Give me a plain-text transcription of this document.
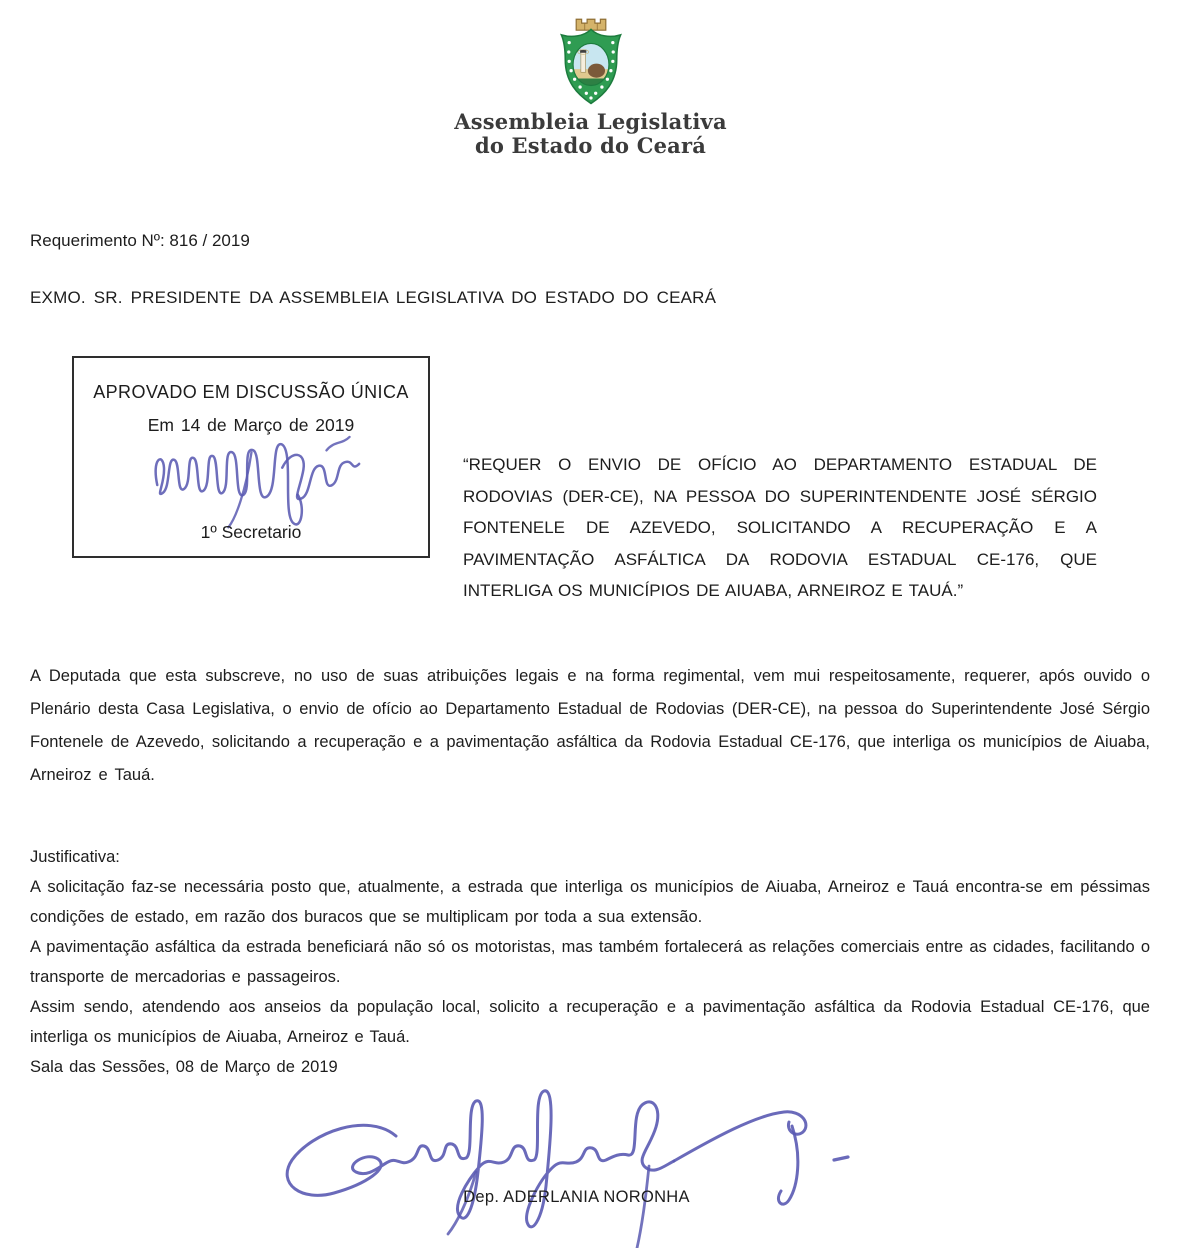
Assembleia Legislativa
do Estado do Ceará

Requerimento Nº: 816 / 2019

EXMO. SR. PRESIDENTE DA ASSEMBLEIA LEGISLATIVA DO ESTADO DO CEARÁ

APROVADO EM DISCUSSÃO ÚNICA
Em 14 de Março de 2019
1º Secretario

“REQUER O ENVIO DE OFÍCIO AO DEPARTAMENTO ESTADUAL DE RODOVIAS (DER-CE), NA PESSOA DO SUPERINTENDENTE JOSÉ SÉRGIO FONTENELE DE AZEVEDO, SOLICITANDO A RECUPERAÇÃO E A PAVIMENTAÇÃO ASFÁLTICA DA RODOVIA ESTADUAL CE-176, QUE INTERLIGA OS MUNICÍPIOS DE AIUABA, ARNEIROZ E TAUÁ.”

A Deputada que esta subscreve, no uso de suas atribuições legais e na forma regimental, vem mui respeitosamente, requerer, após ouvido o Plenário desta Casa Legislativa, o envio de ofício ao Departamento Estadual de Rodovias (DER-CE), na pessoa do Superintendente José Sérgio Fontenele de Azevedo, solicitando a recuperação e a pavimentação asfáltica da Rodovia Estadual CE-176, que interliga os municípios de Aiuaba, Arneiroz e Tauá.

Justificativa:

A solicitação faz-se necessária posto que, atualmente, a estrada que interliga os municípios de Aiuaba, Arneiroz e Tauá encontra-se em péssimas condições de estado, em razão dos buracos que se multiplicam por toda a sua extensão.

A pavimentação asfáltica da estrada beneficiará não só os motoristas, mas também fortalecerá as relações comerciais entre as cidades, facilitando o transporte de mercadorias e passageiros.

Assim sendo, atendendo aos anseios da população local, solicito a recuperação e a pavimentação asfáltica da Rodovia Estadual CE-176, que interliga os municípios de Aiuaba, Arneiroz e Tauá.

Sala das Sessões, 08 de Março de 2019

Dep. ADERLANIA NORONHA
